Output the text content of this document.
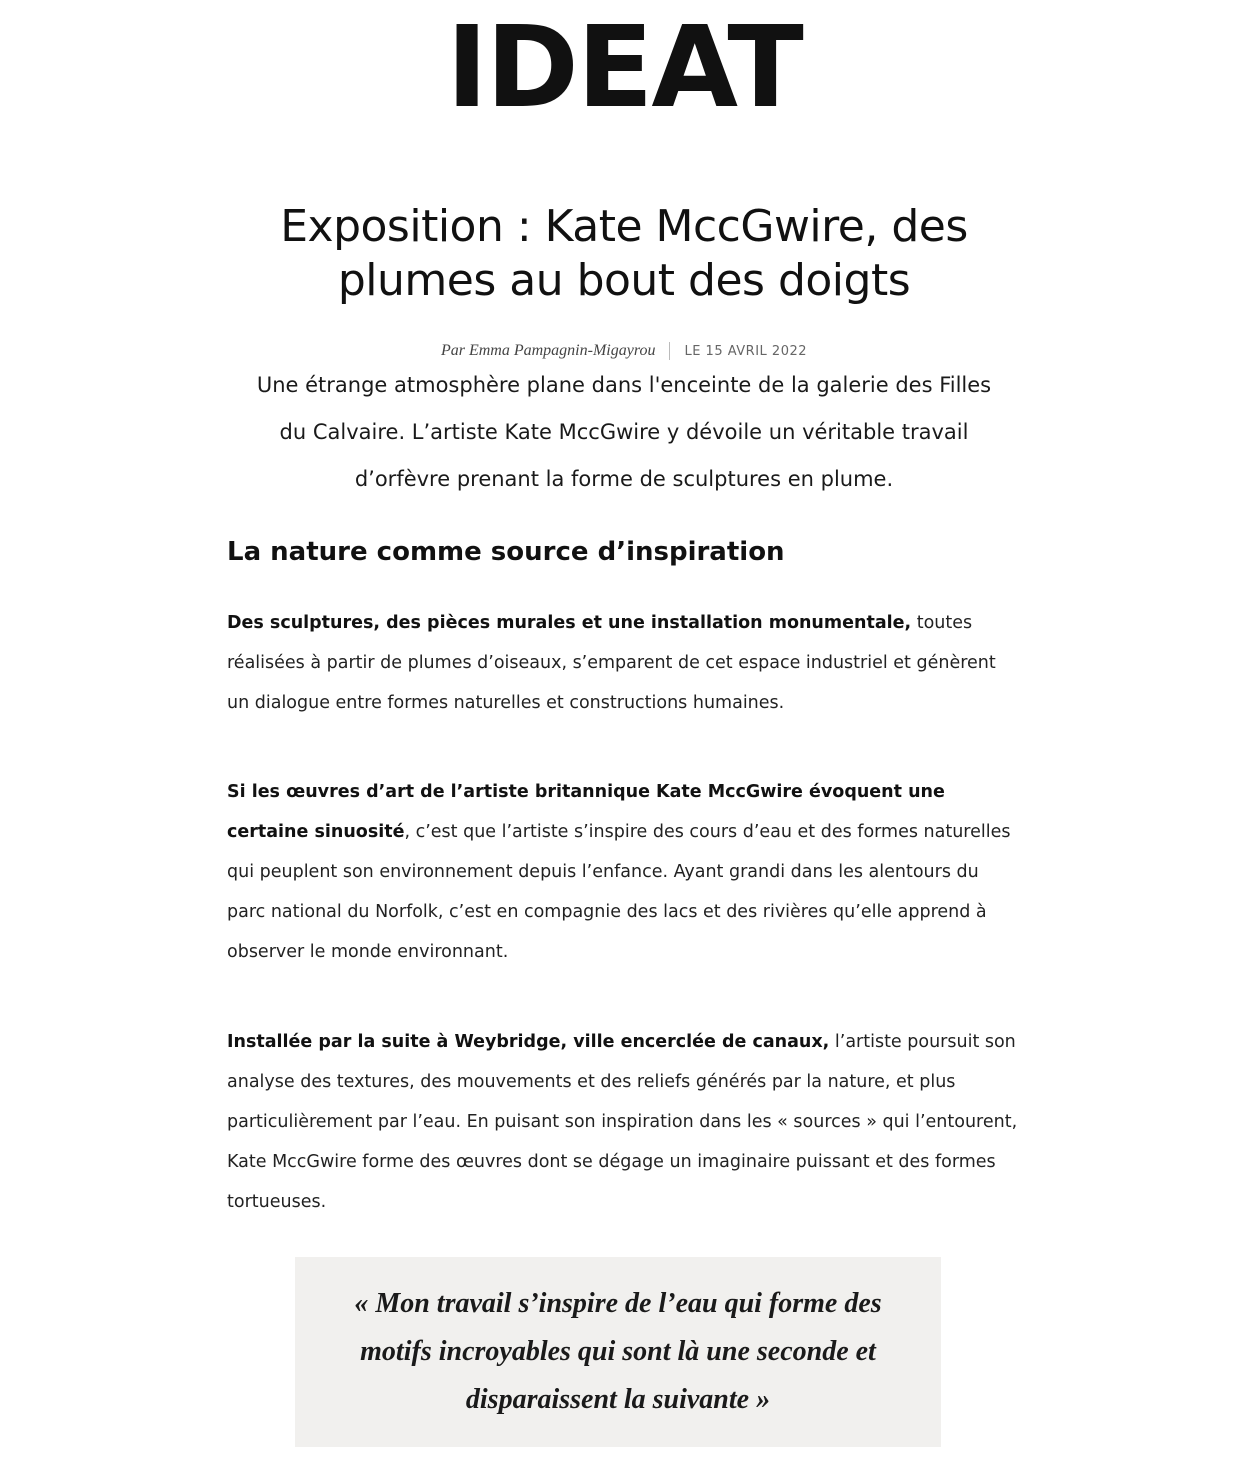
IDEAT
Exposition : Kate MccGwire, des plumes au bout des doigts
Par Emma Pampagnin-Migayrou LE 15 AVRIL 2022

Une étrange atmosphère plane dans l'enceinte de la galerie des Filles du Calvaire. L’artiste Kate MccGwire y dévoile un véritable travail d’orfèvre prenant la forme de sculptures en plume.

La nature comme source d’inspiration

Des sculptures, des pièces murales et une installation monumentale, toutes réalisées à partir de plumes d’oiseaux, s’emparent de cet espace industriel et génèrent un dialogue entre formes naturelles et constructions humaines.

Si les œuvres d’art de l’artiste britannique Kate MccGwire évoquent une certaine sinuosité, c’est que l’artiste s’inspire des cours d’eau et des formes naturelles qui peuplent son environnement depuis l’enfance. Ayant grandi dans les alentours du parc national du Norfolk, c’est en compagnie des lacs et des rivières qu’elle apprend à observer le monde environnant.

Installée par la suite à Weybridge, ville encerclée de canaux, l’artiste poursuit son analyse des textures, des mouvements et des reliefs générés par la nature, et plus particulièrement par l’eau. En puisant son inspiration dans les « sources » qui l’entourent, Kate MccGwire forme des œuvres dont se dégage un imaginaire puissant et des formes tortueuses.

« Mon travail s’inspire de l’eau qui forme des motifs incroyables qui sont là une seconde et disparaissent la suivante »
